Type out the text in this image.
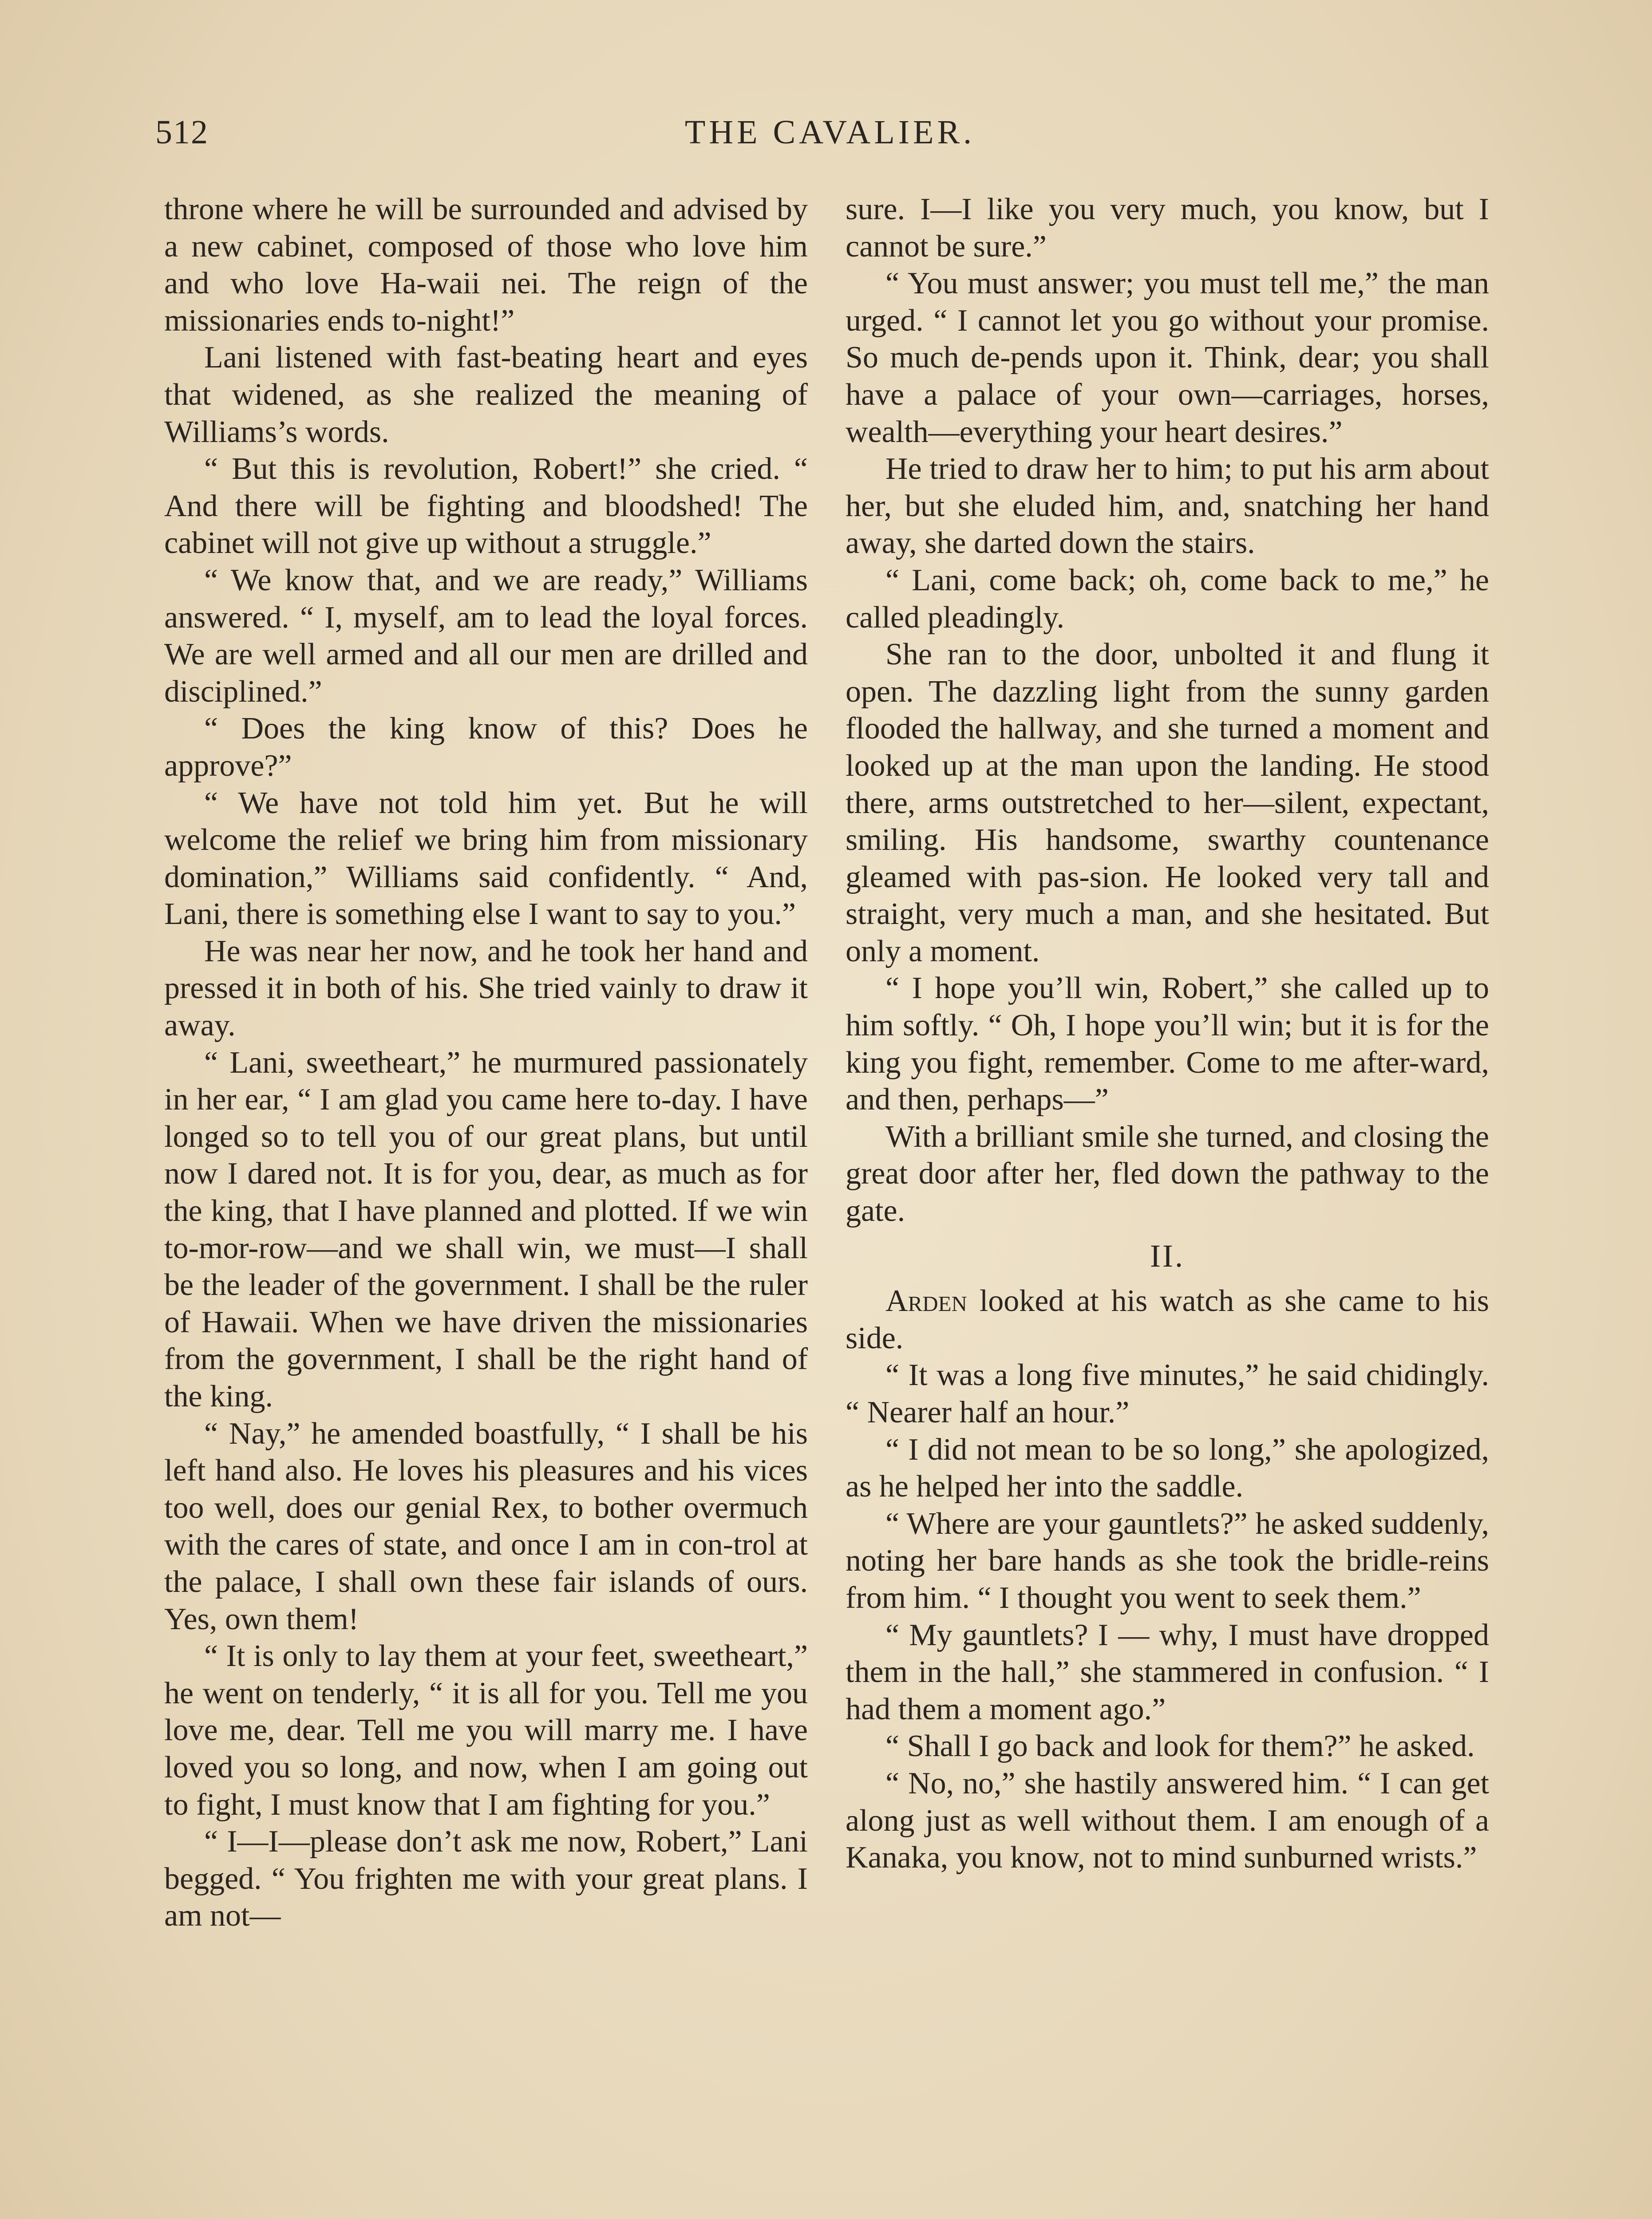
512	THE CAVALIER.

throne where he will be surrounded and advised by a new cabinet, composed of those who love him and who love Ha-waii nei. The reign of the missionaries ends to-night!”

Lani listened with fast-beating heart and eyes that widened, as she realized the meaning of Williams’s words.

“ But this is revolution, Robert!” she cried. “ And there will be fighting and bloodshed! The cabinet will not give up without a struggle.”

“ We know that, and we are ready,” Williams answered. “ I, myself, am to lead the loyal forces. We are well armed and all our men are drilled and disciplined.”

“ Does the king know of this? Does he approve?”

“ We have not told him yet. But he will welcome the relief we bring him from missionary domination,” Williams said confidently. “ And, Lani, there is something else I want to say to you.”

He was near her now, and he took her hand and pressed it in both of his. She tried vainly to draw it away.

“ Lani, sweetheart,” he murmured passionately in her ear, “ I am glad you came here to-day. I have longed so to tell you of our great plans, but until now I dared not. It is for you, dear, as much as for the king, that I have planned and plotted. If we win to-mor-row—and we shall win, we must—I shall be the leader of the government. I shall be the ruler of Hawaii. When we have driven the missionaries from the government, I shall be the right hand of the king.

“ Nay,” he amended boastfully, “ I shall be his left hand also. He loves his pleasures and his vices too well, does our genial Rex, to bother overmuch with the cares of state, and once I am in con-trol at the palace, I shall own these fair islands of ours. Yes, own them!

“ It is only to lay them at your feet, sweetheart,” he went on tenderly, “ it is all for you. Tell me you love me, dear. Tell me you will marry me. I have loved you so long, and now, when I am going out to fight, I must know that I am fighting for you.”

“ I—I—please don’t ask me now, Robert,” Lani begged. “ You frighten me with your great plans. I am not—

sure. I—I like you very much, you know, but I cannot be sure.”

“ You must answer; you must tell me,” the man urged. “ I cannot let you go without your promise. So much de-pends upon it. Think, dear; you shall have a palace of your own—carriages, horses, wealth—everything your heart desires.”

He tried to draw her to him; to put his arm about her, but she eluded him, and, snatching her hand away, she darted down the stairs.

“ Lani, come back; oh, come back to me,” he called pleadingly.

She ran to the door, unbolted it and flung it open. The dazzling light from the sunny garden flooded the hallway, and she turned a moment and looked up at the man upon the landing. He stood there, arms outstretched to her—silent, expectant, smiling. His handsome, swarthy countenance gleamed with pas-sion. He looked very tall and straight, very much a man, and she hesitated. But only a moment.

“ I hope you’ll win, Robert,” she called up to him softly. “ Oh, I hope you’ll win; but it is for the king you fight, remember. Come to me after-ward, and then, perhaps—”

With a brilliant smile she turned, and closing the great door after her, fled down the pathway to the gate.

II.

Arden looked at his watch as she came to his side.

“ It was a long five minutes,” he said chidingly. “ Nearer half an hour.”

“ I did not mean to be so long,” she apologized, as he helped her into the saddle.

“ Where are your gauntlets?” he asked suddenly, noting her bare hands as she took the bridle-reins from him. “ I thought you went to seek them.”

“ My gauntlets? I — why, I must have dropped them in the hall,” she stammered in confusion. “ I had them a moment ago.”

“ Shall I go back and look for them?” he asked.

“ No, no,” she hastily answered him. “ I can get along just as well without them. I am enough of a Kanaka, you know, not to mind sunburned wrists.”
